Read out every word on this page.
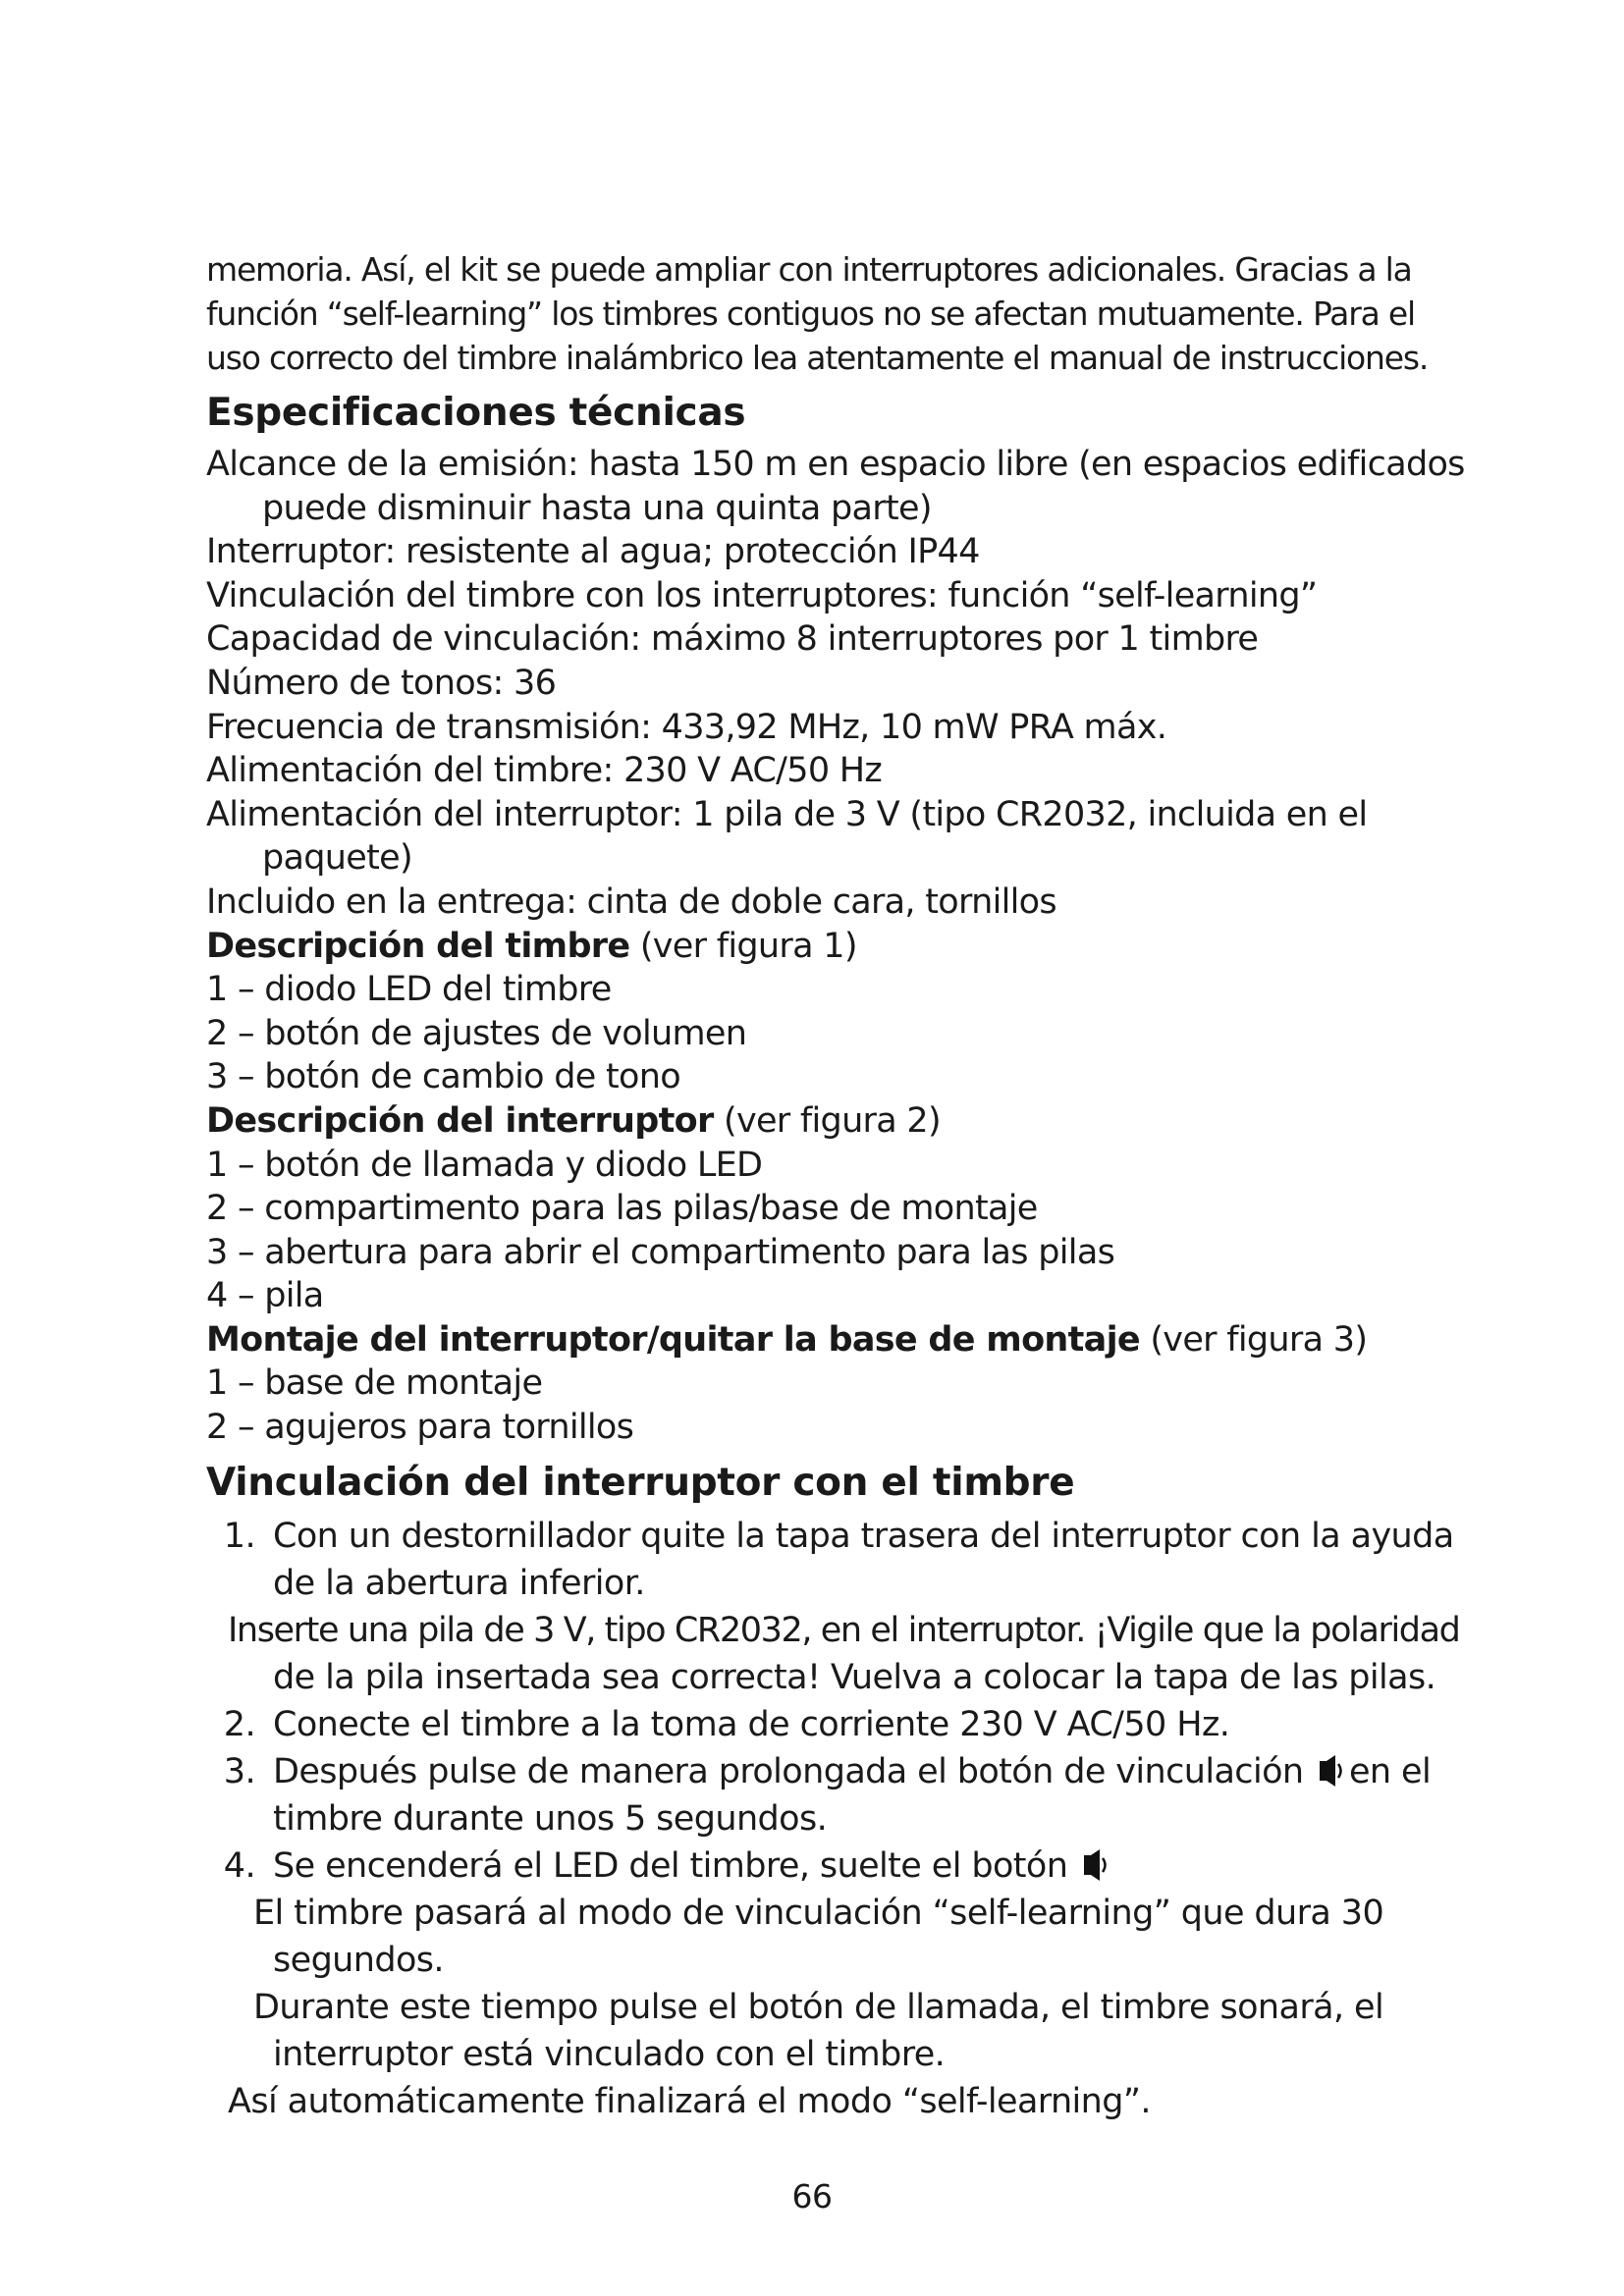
memoria. Así, el kit se puede ampliar con interruptores adicionales. Gracias a la

función “self-learning” los timbres contiguos no se afectan mutuamente. Para el

uso correcto del timbre inalámbrico lea atentamente el manual de instrucciones.

Especificaciones técnicas
Alcance de la emisión: hasta 150 m en espacio libre (en espacios edificados
puede disminuir hasta una quinta parte)
Interruptor: resistente al agua; protección IP44
Vinculación del timbre con los interruptores: función “self-learning”
Capacidad de vinculación: máximo 8 interruptores por 1 timbre
Número de tonos: 36
Frecuencia de transmisión: 433,92 MHz, 10 mW PRA máx.
Alimentación del timbre: 230 V AC/50 Hz
Alimentación del interruptor: 1 pila de 3 V (tipo CR2032, incluida en el
paquete)
Incluido en la entrega: cinta de doble cara, tornillos
Descripción del timbre (ver figura 1)
1 – diodo LED del timbre
2 – botón de ajustes de volumen
3 – botón de cambio de tono
Descripción del interruptor (ver figura 2)
1 – botón de llamada y diodo LED
2 – compartimento para las pilas/base de montaje
3 – abertura para abrir el compartimento para las pilas
4 – pila
Montaje del interruptor/quitar la base de montaje (ver figura 3)
1 – base de montaje
2 – agujeros para tornillos
Vinculación del interruptor con el timbre
1. Con un destornillador quite la tapa trasera del interruptor con la ayuda
de la abertura inferior.
Inserte una pila de 3 V, tipo CR2032, en el interruptor. ¡Vigile que la polaridad
de la pila insertada sea correcta! Vuelva a colocar la tapa de las pilas.
2. Conecte el timbre a la toma de corriente 230 V AC/50 Hz.
3. Después pulse de manera prolongada el botón de vinculación en el
timbre durante unos 5 segundos.
4. Se encenderá el LED del timbre, suelte el botón
El timbre pasará al modo de vinculación “self-learning” que dura 30
segundos.
Durante este tiempo pulse el botón de llamada, el timbre sonará, el
interruptor está vinculado con el timbre.
Así automáticamente finalizará el modo “self-learning”.
66
